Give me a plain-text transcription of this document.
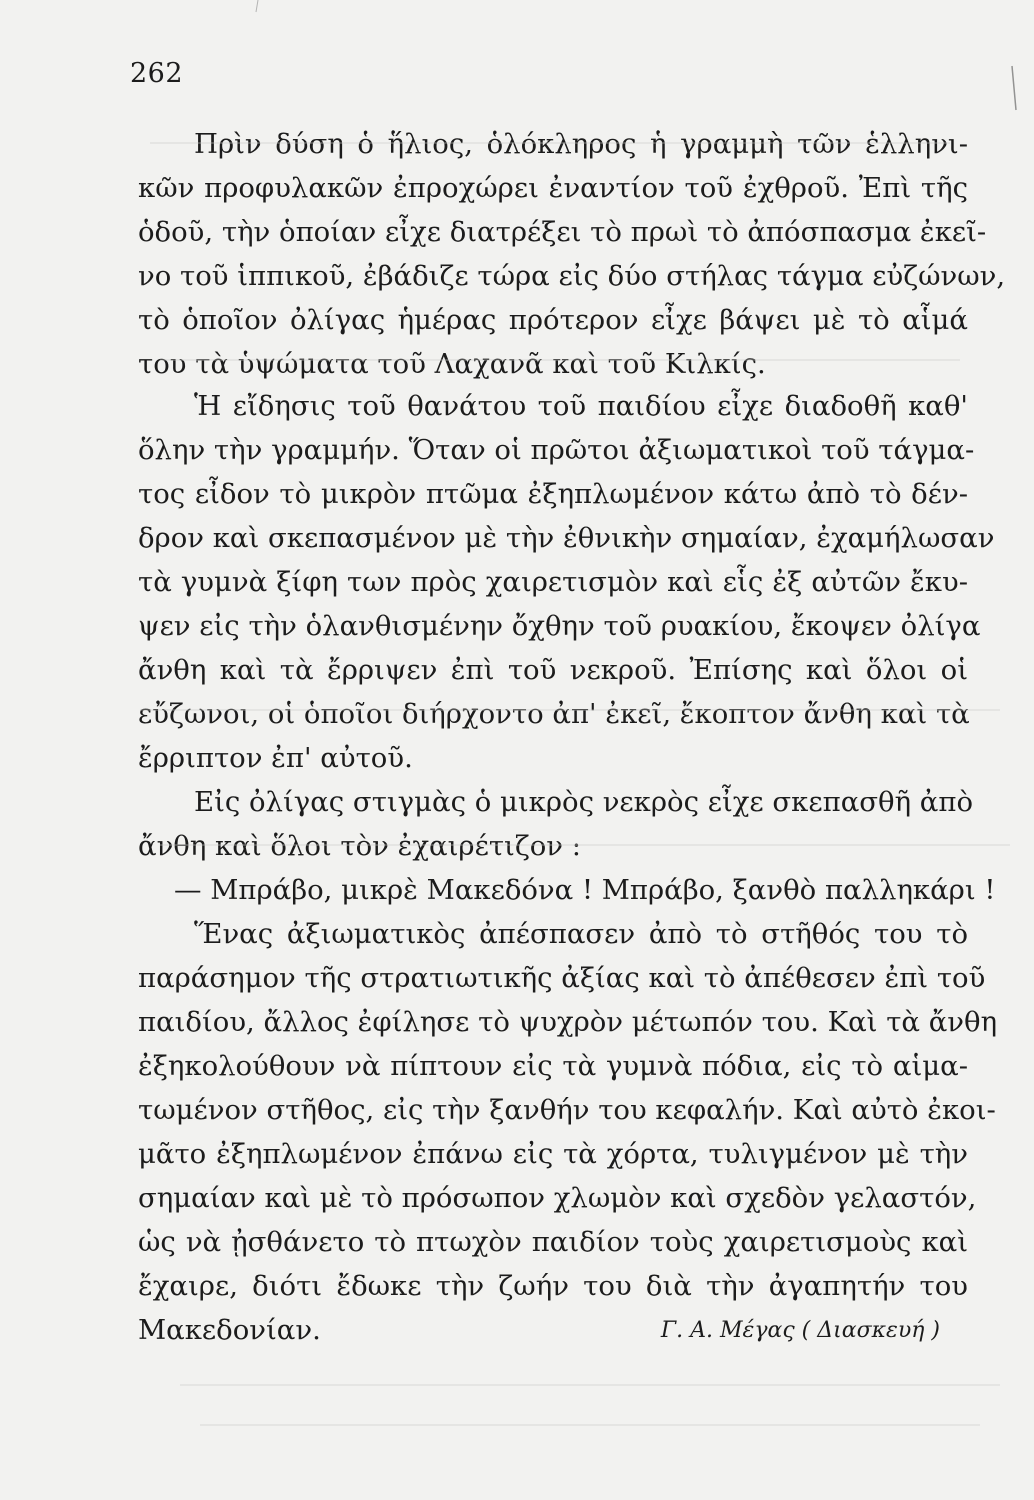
262
Πρὶν δύση ὁ ἥλιος, ὁλόκληρος ἡ γραμμὴ τῶν ἑλληνι-
κῶν προφυλακῶν ἐπροχώρει ἐναντίον τοῦ ἐχθροῦ. Ἐπὶ τῆς
ὁδοῦ, τὴν ὁποίαν εἶχε διατρέξει τὸ πρωὶ τὸ ἀπόσπασμα ἐκεῖ-
νο τοῦ ἱππικοῦ, ἐβάδιζε τώρα εἰς δύο στήλας τάγμα εὐζώνων,
τὸ ὁποῖον ὀλίγας ἡμέρας πρότερον εἶχε βάψει μὲ τὸ αἷμά
του τὰ ὑψώματα τοῦ Λαχανᾶ καὶ τοῦ Κιλκίς.
Ἡ εἴδησις τοῦ θανάτου τοῦ παιδίου εἶχε διαδοθῆ καθ'
ὅλην τὴν γραμμήν. Ὅταν οἱ πρῶτοι ἀξιωματικοὶ τοῦ τάγμα-
τος εἶδον τὸ μικρὸν πτῶμα ἐξηπλωμένον κάτω ἀπὸ τὸ δέν-
δρον καὶ σκεπασμένον μὲ τὴν ἐθνικὴν σημαίαν, ἐχαμήλωσαν
τὰ γυμνὰ ξίφη των πρὸς χαιρετισμὸν καὶ εἷς ἐξ αὐτῶν ἔκυ-
ψεν εἰς τὴν ὁλανθισμένην ὄχθην τοῦ ρυακίου, ἔκοψεν ὀλίγα
ἄνθη καὶ τὰ ἔρριψεν ἐπὶ τοῦ νεκροῦ. Ἐπίσης καὶ ὅλοι οἱ
εὔζωνοι, οἱ ὁποῖοι διήρχοντο ἀπ' ἐκεῖ, ἔκοπτον ἄνθη καὶ τὰ
ἔρριπτον ἐπ' αὐτοῦ.
Εἰς ὀλίγας στιγμὰς ὁ μικρὸς νεκρὸς εἶχε σκεπασθῆ ἀπὸ
ἄνθη καὶ ὅλοι τὸν ἐχαιρέτιζον :
— Μπράβο, μικρὲ Μακεδόνα ! Μπράβο, ξανθὸ παλληκάρι !
Ἕνας ἀξιωματικὸς ἀπέσπασεν ἀπὸ τὸ στῆθός του τὸ
παράσημον τῆς στρατιωτικῆς ἀξίας καὶ τὸ ἀπέθεσεν ἐπὶ τοῦ
παιδίου, ἄλλος ἐφίλησε τὸ ψυχρὸν μέτωπόν του. Καὶ τὰ ἄνθη
ἐξηκολούθουν νὰ πίπτουν εἰς τὰ γυμνὰ πόδια, εἰς τὸ αἱμα-
τωμένον στῆθος, εἰς τὴν ξανθήν του κεφαλήν. Καὶ αὐτὸ ἐκοι-
μᾶτο ἐξηπλωμένον ἐπάνω εἰς τὰ χόρτα, τυλιγμένον μὲ τὴν
σημαίαν καὶ μὲ τὸ πρόσωπον χλωμὸν καὶ σχεδὸν γελαστόν,
ὡς νὰ ᾐσθάνετο τὸ πτωχὸν παιδίον τοὺς χαιρετισμοὺς καὶ
ἔχαιρε, διότι ἔδωκε τὴν ζωήν του διὰ τὴν ἀγαπητήν του
Μακεδονίαν.	Γ. Α. Μέγας ( Διασκευή )
